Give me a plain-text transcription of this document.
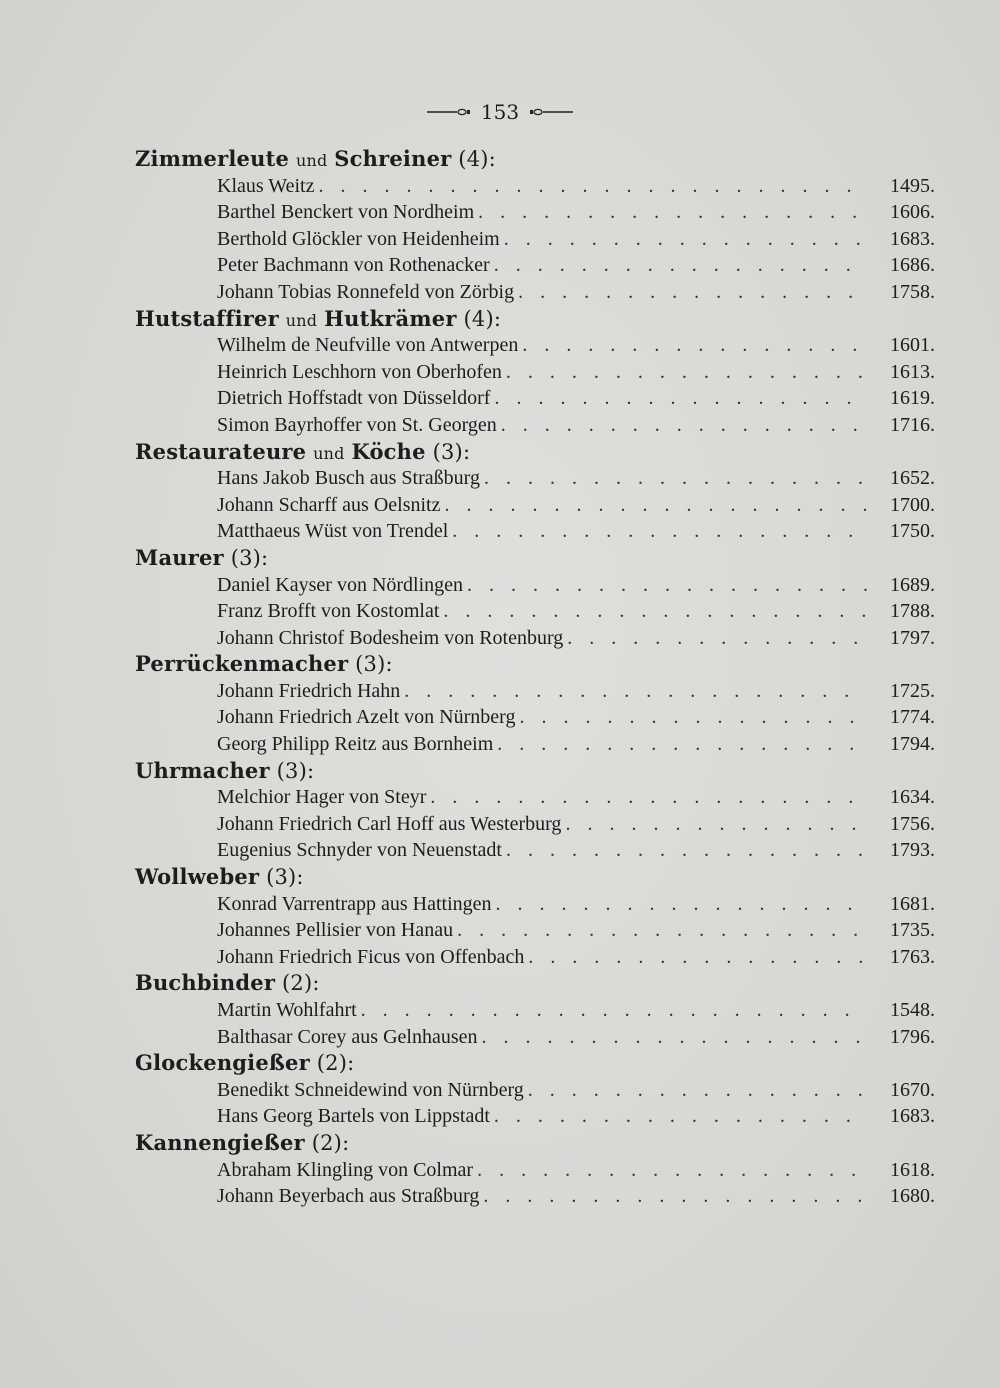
153
Zimmerleute und Schreiner (4):
Klaus Weitz . . .	1495.
Barthel Benckert von Nordheim . . .	1606.
Berthold Glöckler von Heidenheim . . .	1683.
Peter Bachmann von Rothenacker . . .	1686.
Johann Tobias Ronnefeld von Zörbig . . .	1758.
Hutstaffirer und Hutkrämer (4):
Wilhelm de Neufville von Antwerpen . . .	1601.
Heinrich Leschhorn von Oberhofen . . .	1613.
Dietrich Hoffstadt von Düsseldorf . . .	1619.
Simon Bayrhoffer von St. Georgen . . .	1716.
Restaurateure und Köche (3):
Hans Jakob Busch aus Straßburg . . .	1652.
Johann Scharff aus Oelsnitz . . .	1700.
Matthaeus Wüst von Trendel . . .	1750.
Maurer (3):
Daniel Kayser von Nördlingen . . .	1689.
Franz Brofft von Kostomlat . . .	1788.
Johann Christof Bodesheim von Rotenburg . . .	1797.
Perrückenmacher (3):
Johann Friedrich Hahn . . .	1725.
Johann Friedrich Azelt von Nürnberg . . .	1774.
Georg Philipp Reitz aus Bornheim . . .	1794.
Uhrmacher (3):
Melchior Hager von Steyr . . .	1634.
Johann Friedrich Carl Hoff aus Westerburg . . .	1756.
Eugenius Schnyder von Neuenstadt . . .	1793.
Wollweber (3):
Konrad Varrentrapp aus Hattingen . . .	1681.
Johannes Pellisier von Hanau . . .	1735.
Johann Friedrich Ficus von Offenbach . . .	1763.
Buchbinder (2):
Martin Wohlfahrt . . .	1548.
Balthasar Corey aus Gelnhausen . . .	1796.
Glockengießer (2):
Benedikt Schneidewind von Nürnberg . . .	1670.
Hans Georg Bartels von Lippstadt . . .	1683.
Kannengießer (2):
Abraham Klingling von Colmar . . .	1618.
Johann Beyerbach aus Straßburg . . .	1680.
